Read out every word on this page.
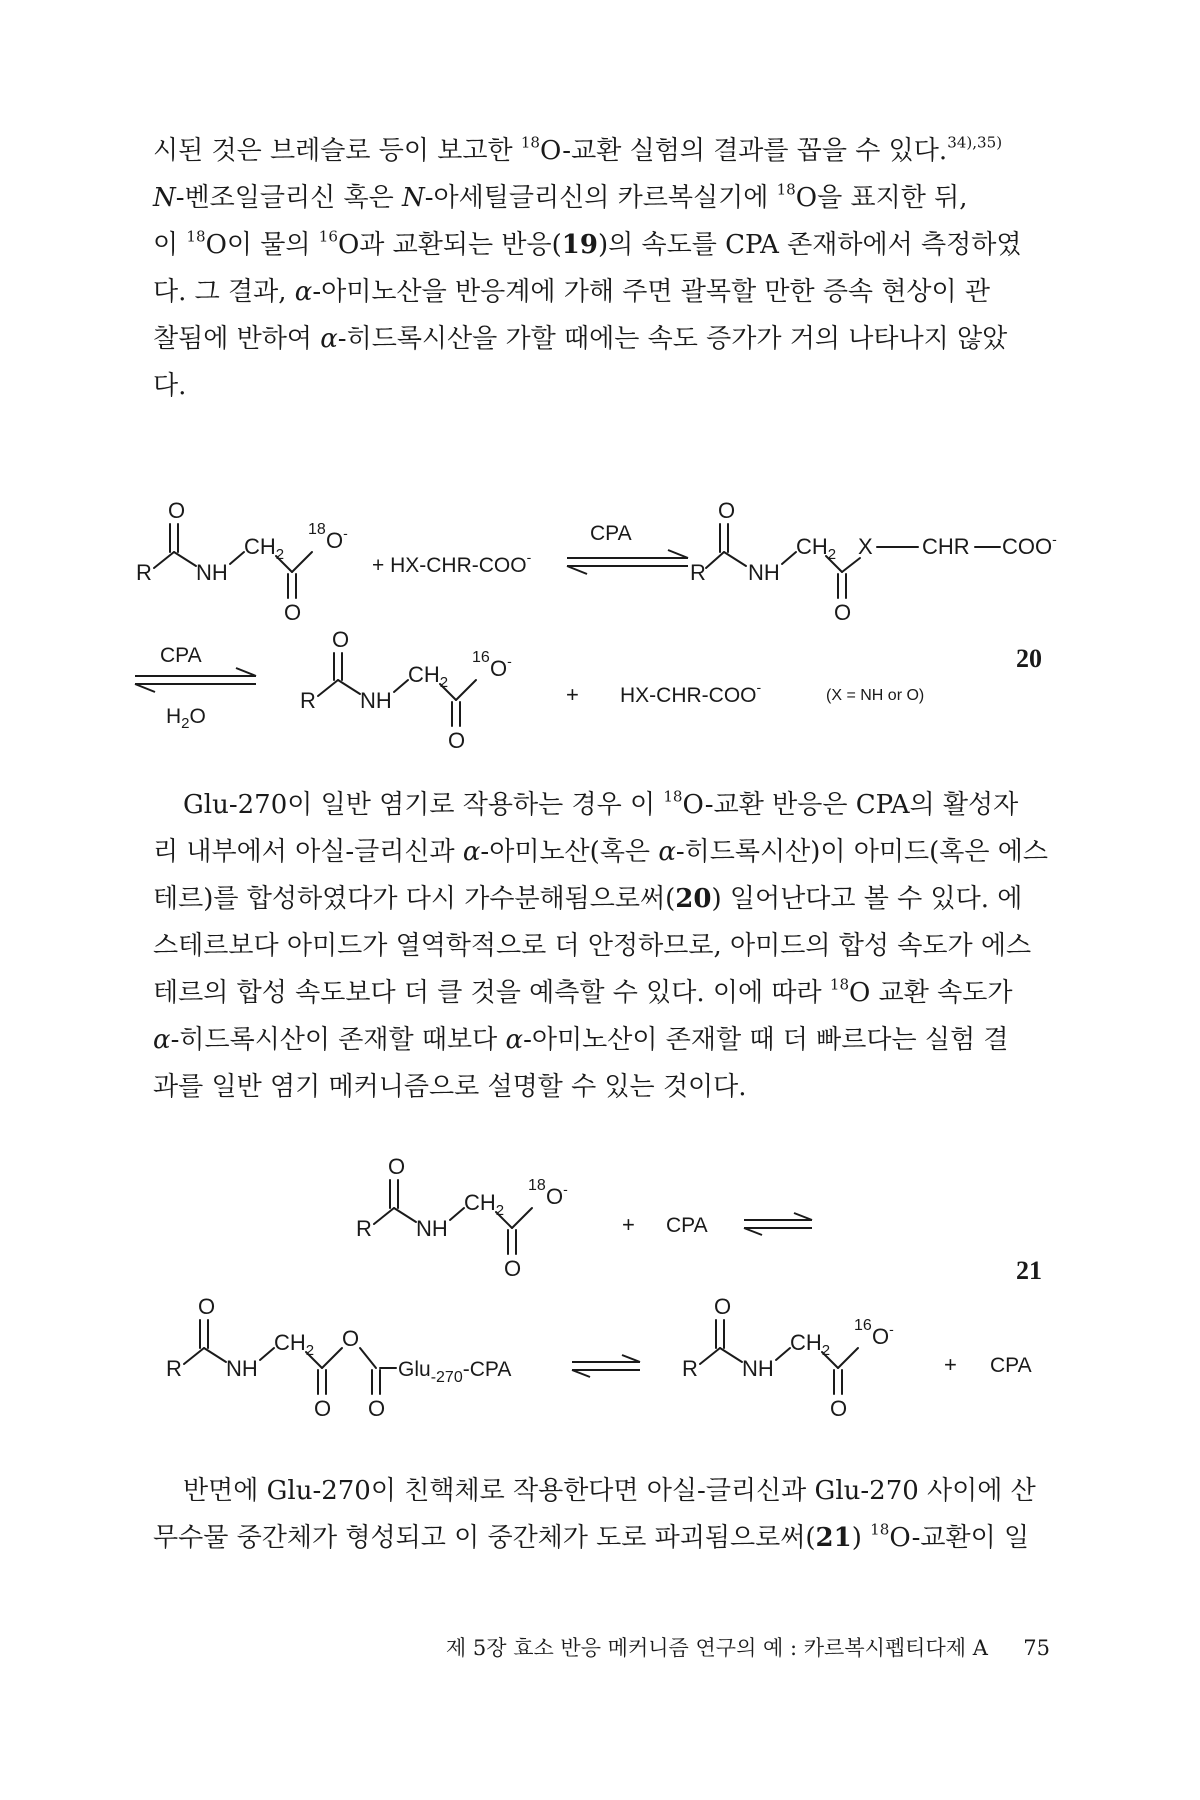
시된 것은 브레슬로 등이 보고한 $^{18}$O-교환 실험의 결과를 꼽을 수 있다.$^{34),35)}$
N-벤조일글리신 혹은 N-아세틸글리신의 카르복실기에 $^{18}$O을 표지한 뒤,
이 $^{18}$O이 물의 $^{16}$O과 교환되는 반응(19)의 속도를 CPA 존재하에서 측정하였
다. 그 결과, α-아미노산을 반응계에 가해 주면 괄목할 만한 증속 현상이 관
찰됨에 반하여 α-히드록시산을 가할 때에는 속도 증가가 거의 나타나지 않았
다.
O
R NH
$CH_2$
O
18 O-
+ HX-CHR-COO-
CPA
O
R NH
$CH_2$
O
X CHR COO-
CPA
$H_2O$
O
R NH
$CH_2$
O
16 O-
+ HX-CHR-COO-	(X = NH or O)
20
Glu-270이 일반 염기로 작용하는 경우 이 $^{18}$O-교환 반응은 CPA의 활성자
리 내부에서 아실-글리신과 α-아미노산(혹은 α-히드록시산)이 아미드(혹은 에스
테르)를 합성하였다가 다시 가수분해됨으로써(20) 일어난다고 볼 수 있다. 에
스테르보다 아미드가 열역학적으로 더 안정하므로, 아미드의 합성 속도가 에스
테르의 합성 속도보다 더 클 것을 예측할 수 있다. 이에 따라 $^{18}$O 교환 속도가
α-히드록시산이 존재할 때보다 α-아미노산이 존재할 때 더 빠르다는 실험 결
과를 일반 염기 메커니즘으로 설명할 수 있는 것이다.
O
R NH
$CH_2$
O
18 O-
+ CPA
O
R NH
$CH_2$
O
O
O
Glu$_{-270}$-CPA
O
R NH
$CH_2$
O
16 O-
+ CPA
21
반면에 Glu-270이 친핵체로 작용한다면 아실-글리신과 Glu-270 사이에 산
무수물 중간체가 형성되고 이 중간체가 도로 파괴됨으로써(21) $^{18}$O-교환이 일
제 5장 효소 반응 메커니즘 연구의 예 : 카르복시펩티다제 A 75
